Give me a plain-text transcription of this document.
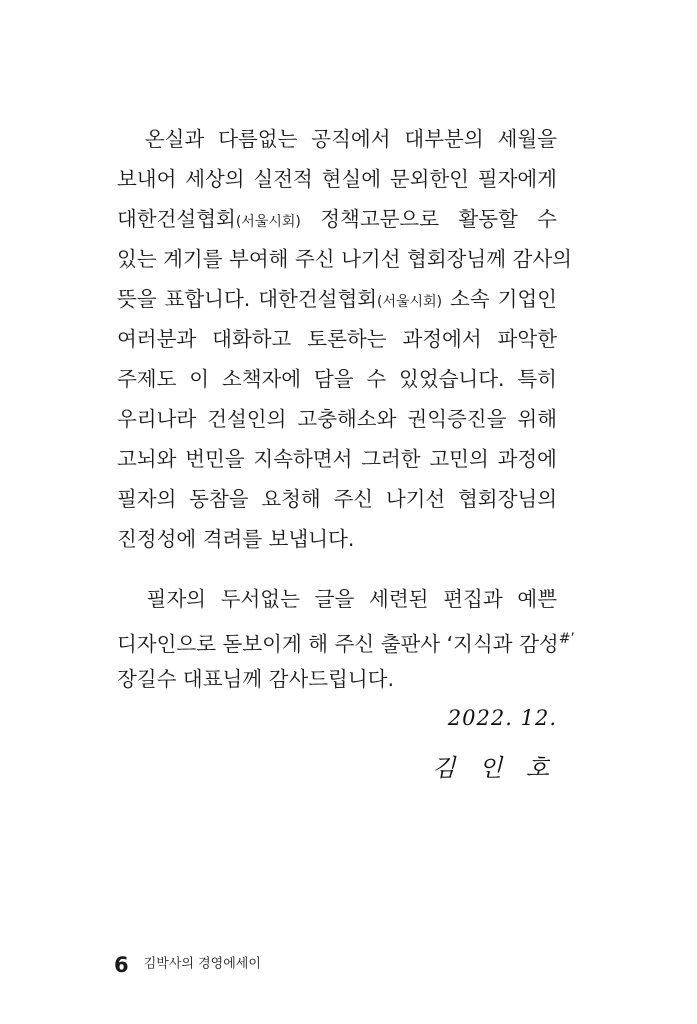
온실과 다름없는 공직에서 대부분의 세월을
보내어 세상의 실전적 현실에 문외한인 필자에게
대한건설협회(서울시회) 정책고문으로 활동할 수
있는 계기를 부여해 주신 나기선 협회장님께 감사의
뜻을 표합니다. 대한건설협회(서울시회) 소속 기업인
여러분과 대화하고 토론하는 과정에서 파악한
주제도 이 소책자에 담을 수 있었습니다. 특히
우리나라 건설인의 고충해소와 권익증진을 위해
고뇌와 번민을 지속하면서 그러한 고민의 과정에
필자의 동참을 요청해 주신 나기선 협회장님의
진정성에 격려를 보냅니다.
필자의 두서없는 글을 세련된 편집과 예쁜
디자인으로 돋보이게 해 주신 출판사 ‘지식과 감성#’
장길수 대표님께 감사드립니다.
2022. 12.
김 인 호
6 김박사의 경영에세이
